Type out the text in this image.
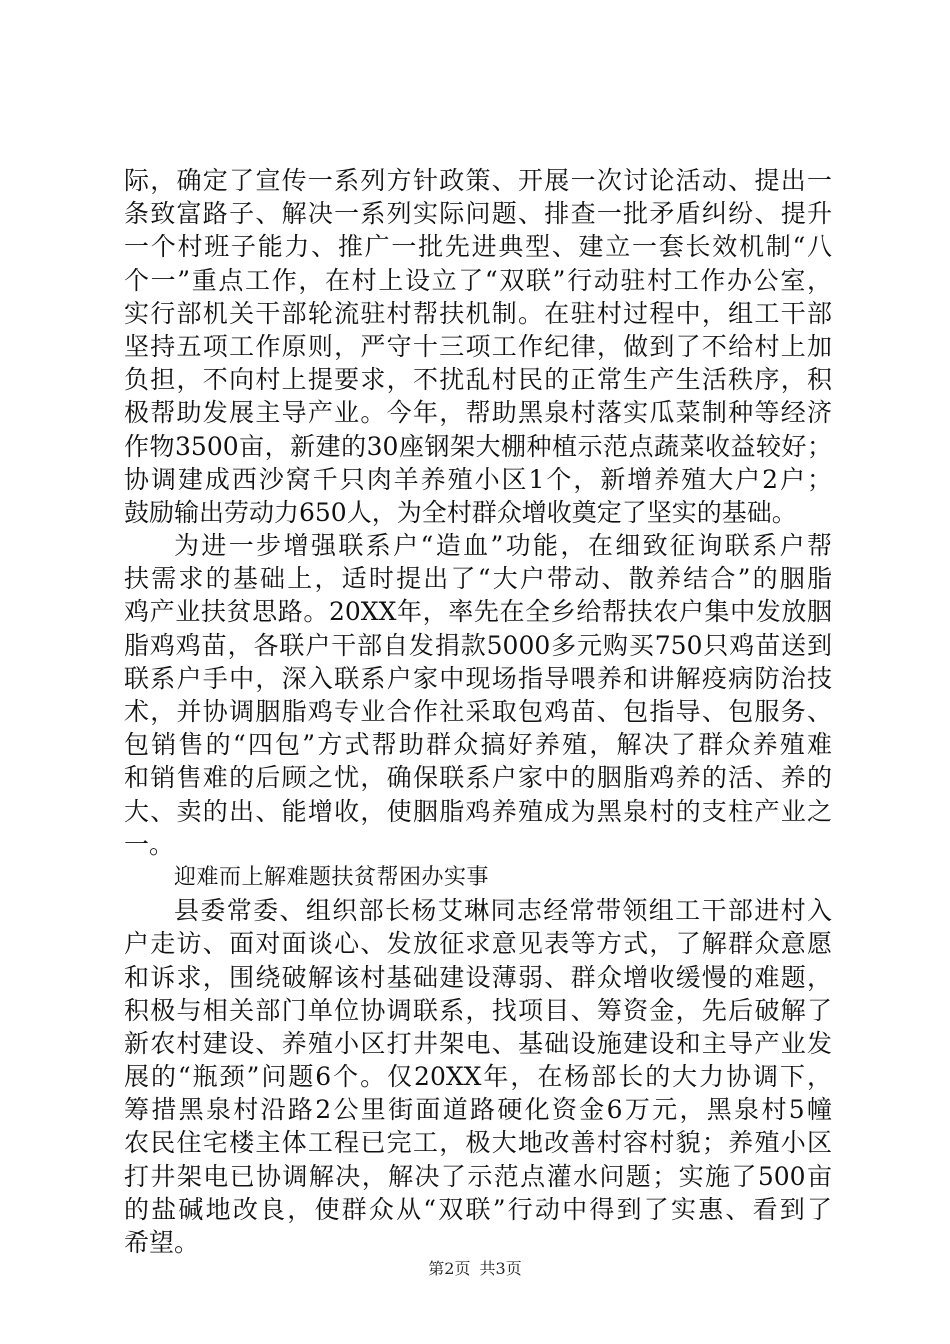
际，确定了宣传一系列方针政策、开展一次讨论活动、提出一
条致富路子、解决一系列实际问题、排查一批矛盾纠纷、提升
一个村班子能力、推广一批先进典型、建立一套长效机制“八
个一”重点工作，在村上设立了“双联”行动驻村工作办公室，
实行部机关干部轮流驻村帮扶机制。在驻村过程中，组工干部
坚持五项工作原则，严守十三项工作纪律，做到了不给村上加
负担，不向村上提要求，不扰乱村民的正常生产生活秩序，积
极帮助发展主导产业。今年，帮助黑泉村落实瓜菜制种等经济
作物3500亩，新建的30座钢架大棚种植示范点蔬菜收益较好；
协调建成西沙窝千只肉羊养殖小区1个，新增养殖大户2户；
鼓励输出劳动力650人，为全村群众增收奠定了坚实的基础。
为进一步增强联系户“造血”功能，在细致征询联系户帮
扶需求的基础上，适时提出了“大户带动、散养结合”的胭脂
鸡产业扶贫思路。20XX年，率先在全乡给帮扶农户集中发放胭
脂鸡鸡苗，各联户干部自发捐款5000多元购买750只鸡苗送到
联系户手中，深入联系户家中现场指导喂养和讲解疫病防治技
术，并协调胭脂鸡专业合作社采取包鸡苗、包指导、包服务、
包销售的“四包”方式帮助群众搞好养殖，解决了群众养殖难
和销售难的后顾之忧，确保联系户家中的胭脂鸡养的活、养的
大、卖的出、能增收，使胭脂鸡养殖成为黑泉村的支柱产业之
一。
迎难而上解难题扶贫帮困办实事
县委常委、组织部长杨艾琳同志经常带领组工干部进村入
户走访、面对面谈心、发放征求意见表等方式，了解群众意愿
和诉求，围绕破解该村基础建设薄弱、群众增收缓慢的难题，
积极与相关部门单位协调联系，找项目、筹资金，先后破解了
新农村建设、养殖小区打井架电、基础设施建设和主导产业发
展的“瓶颈”问题6个。仅20XX年，在杨部长的大力协调下，
筹措黑泉村沿路2公里街面道路硬化资金6万元，黑泉村5幢
农民住宅楼主体工程已完工，极大地改善村容村貌；养殖小区
打井架电已协调解决，解决了示范点灌水问题；实施了500亩
的盐碱地改良，使群众从“双联”行动中得到了实惠、看到了
希望。
第2页 共3页
